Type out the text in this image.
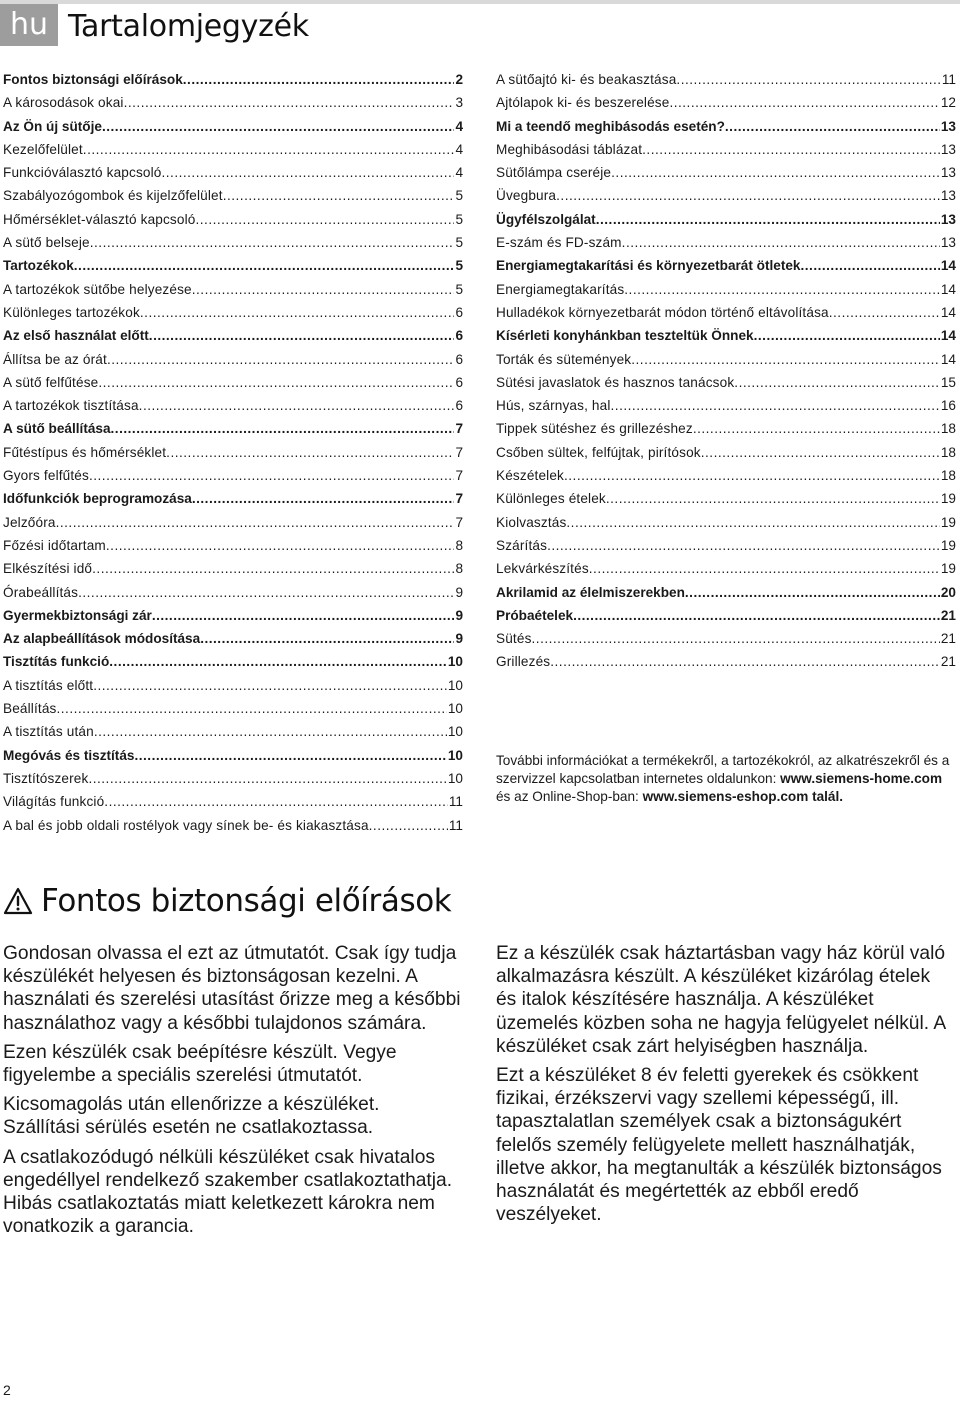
hu Tartalomjegyzék
Fontos biztonsági előírások .....	2
A károsodások okai .....	3
Az Ön új sütője .....	4
Kezelőfelület .....	4
Funkcióválasztó kapcsoló .....	4
Szabályozógombok és kijelzőfelület .....	5
Hőmérséklet-választó kapcsoló .....	5
A sütő belseje .....	5
Tartozékok .....	5
A tartozékok sütőbe helyezése .....	5
Különleges tartozékok .....	6
Az első használat előtt .....	6
Állítsa be az órát .....	6
A sütő felfűtése .....	6
A tartozékok tisztítása .....	6
A sütő beállítása .....	7
Fűtéstípus és hőmérséklet .....	7
Gyors felfűtés .....	7
Időfunkciók beprogramozása .....	7
Jelzőóra .....	7
Főzési időtartam .....	8
Elkészítési idő .....	8
Órabeállítás .....	9
Gyermekbiztonsági zár .....	9
Az alapbeállítások módosítása .....	9
Tisztítás funkció .....	10
A tisztítás előtt .....	10
Beállítás .....	10
A tisztítás után .....	10
Megóvás és tisztítás .....	10
Tisztítószerek .....	10
Világítás funkció .....	11
A bal és jobb oldali rostélyok vagy sínek be- és kiakasztása .....	11
A sütőajtó ki- és beakasztása .....	11
Ajtólapok ki- és beszerelése .....	12
Mi a teendő meghibásodás esetén? .....	13
Meghibásodási táblázat .....	13
Sütőlámpa cseréje .....	13
Üvegbura .....	13
Ügyfélszolgálat .....	13
E-szám és FD-szám .....	13
Energiamegtakarítási és környezetbarát ötletek .....	14
Energiamegtakarítás .....	14
Hulladékok környezetbarát módon történő eltávolítása .....	14
Kísérleti konyhánkban teszteltük Önnek .....	14
Torták és sütemények .....	14
Sütési javaslatok és hasznos tanácsok .....	15
Hús, szárnyas, hal .....	16
Tippek sütéshez és grillezéshez .....	18
Csőben sültek, felfújtak, pirítósok .....	18
Készételek .....	18
Különleges ételek .....	19
Kiolvasztás .....	19
Szárítás .....	19
Lekvárkészítés .....	19
Akrilamid az élelmiszerekben .....	20
Próbaételek .....	21
Sütés .....	21
Grillezés .....	21
További információkat a termékekről, a tartozékokról, az alkatrészekről és a szervizzel kapcsolatban internetes oldalunkon: www.siemens-home.com és az Online-Shop-ban: www.siemens-eshop.com talál.
Fontos biztonsági előírások

Gondosan olvassa el ezt az útmutatót. Csak így tudja készülékét helyesen és biztonságosan kezelni. A használati és szerelési utasítást őrizze meg a későbbi használathoz vagy a későbbi tulajdonos számára.

Ezen készülék csak beépítésre készült. Vegye figyelembe a speciális szerelési útmutatót.

Kicsomagolás után ellenőrizze a készüléket. Szállítási sérülés esetén ne csatlakoztassa.

A csatlakozódugó nélküli készüléket csak hivatalos engedéllyel rendelkező szakember csatlakoztathatja. Hibás csatlakoztatás miatt keletkezett károkra nem vonatkozik a garancia.

Ez a készülék csak háztartásban vagy ház körül való alkalmazásra készült. A készüléket kizárólag ételek és italok készítésére használja. A készüléket üzemelés közben soha ne hagyja felügyelet nélkül. A készüléket csak zárt helyiségben használja.

Ezt a készüléket 8 év feletti gyerekek és csökkent fizikai, érzékszervi vagy szellemi képességű, ill. tapasztalatlan személyek csak a biztonságukért felelős személy felügyelete mellett használhatják, illetve akkor, ha megtanulták a készülék biztonságos használatát és megértették az ebből eredő veszélyeket.

2
